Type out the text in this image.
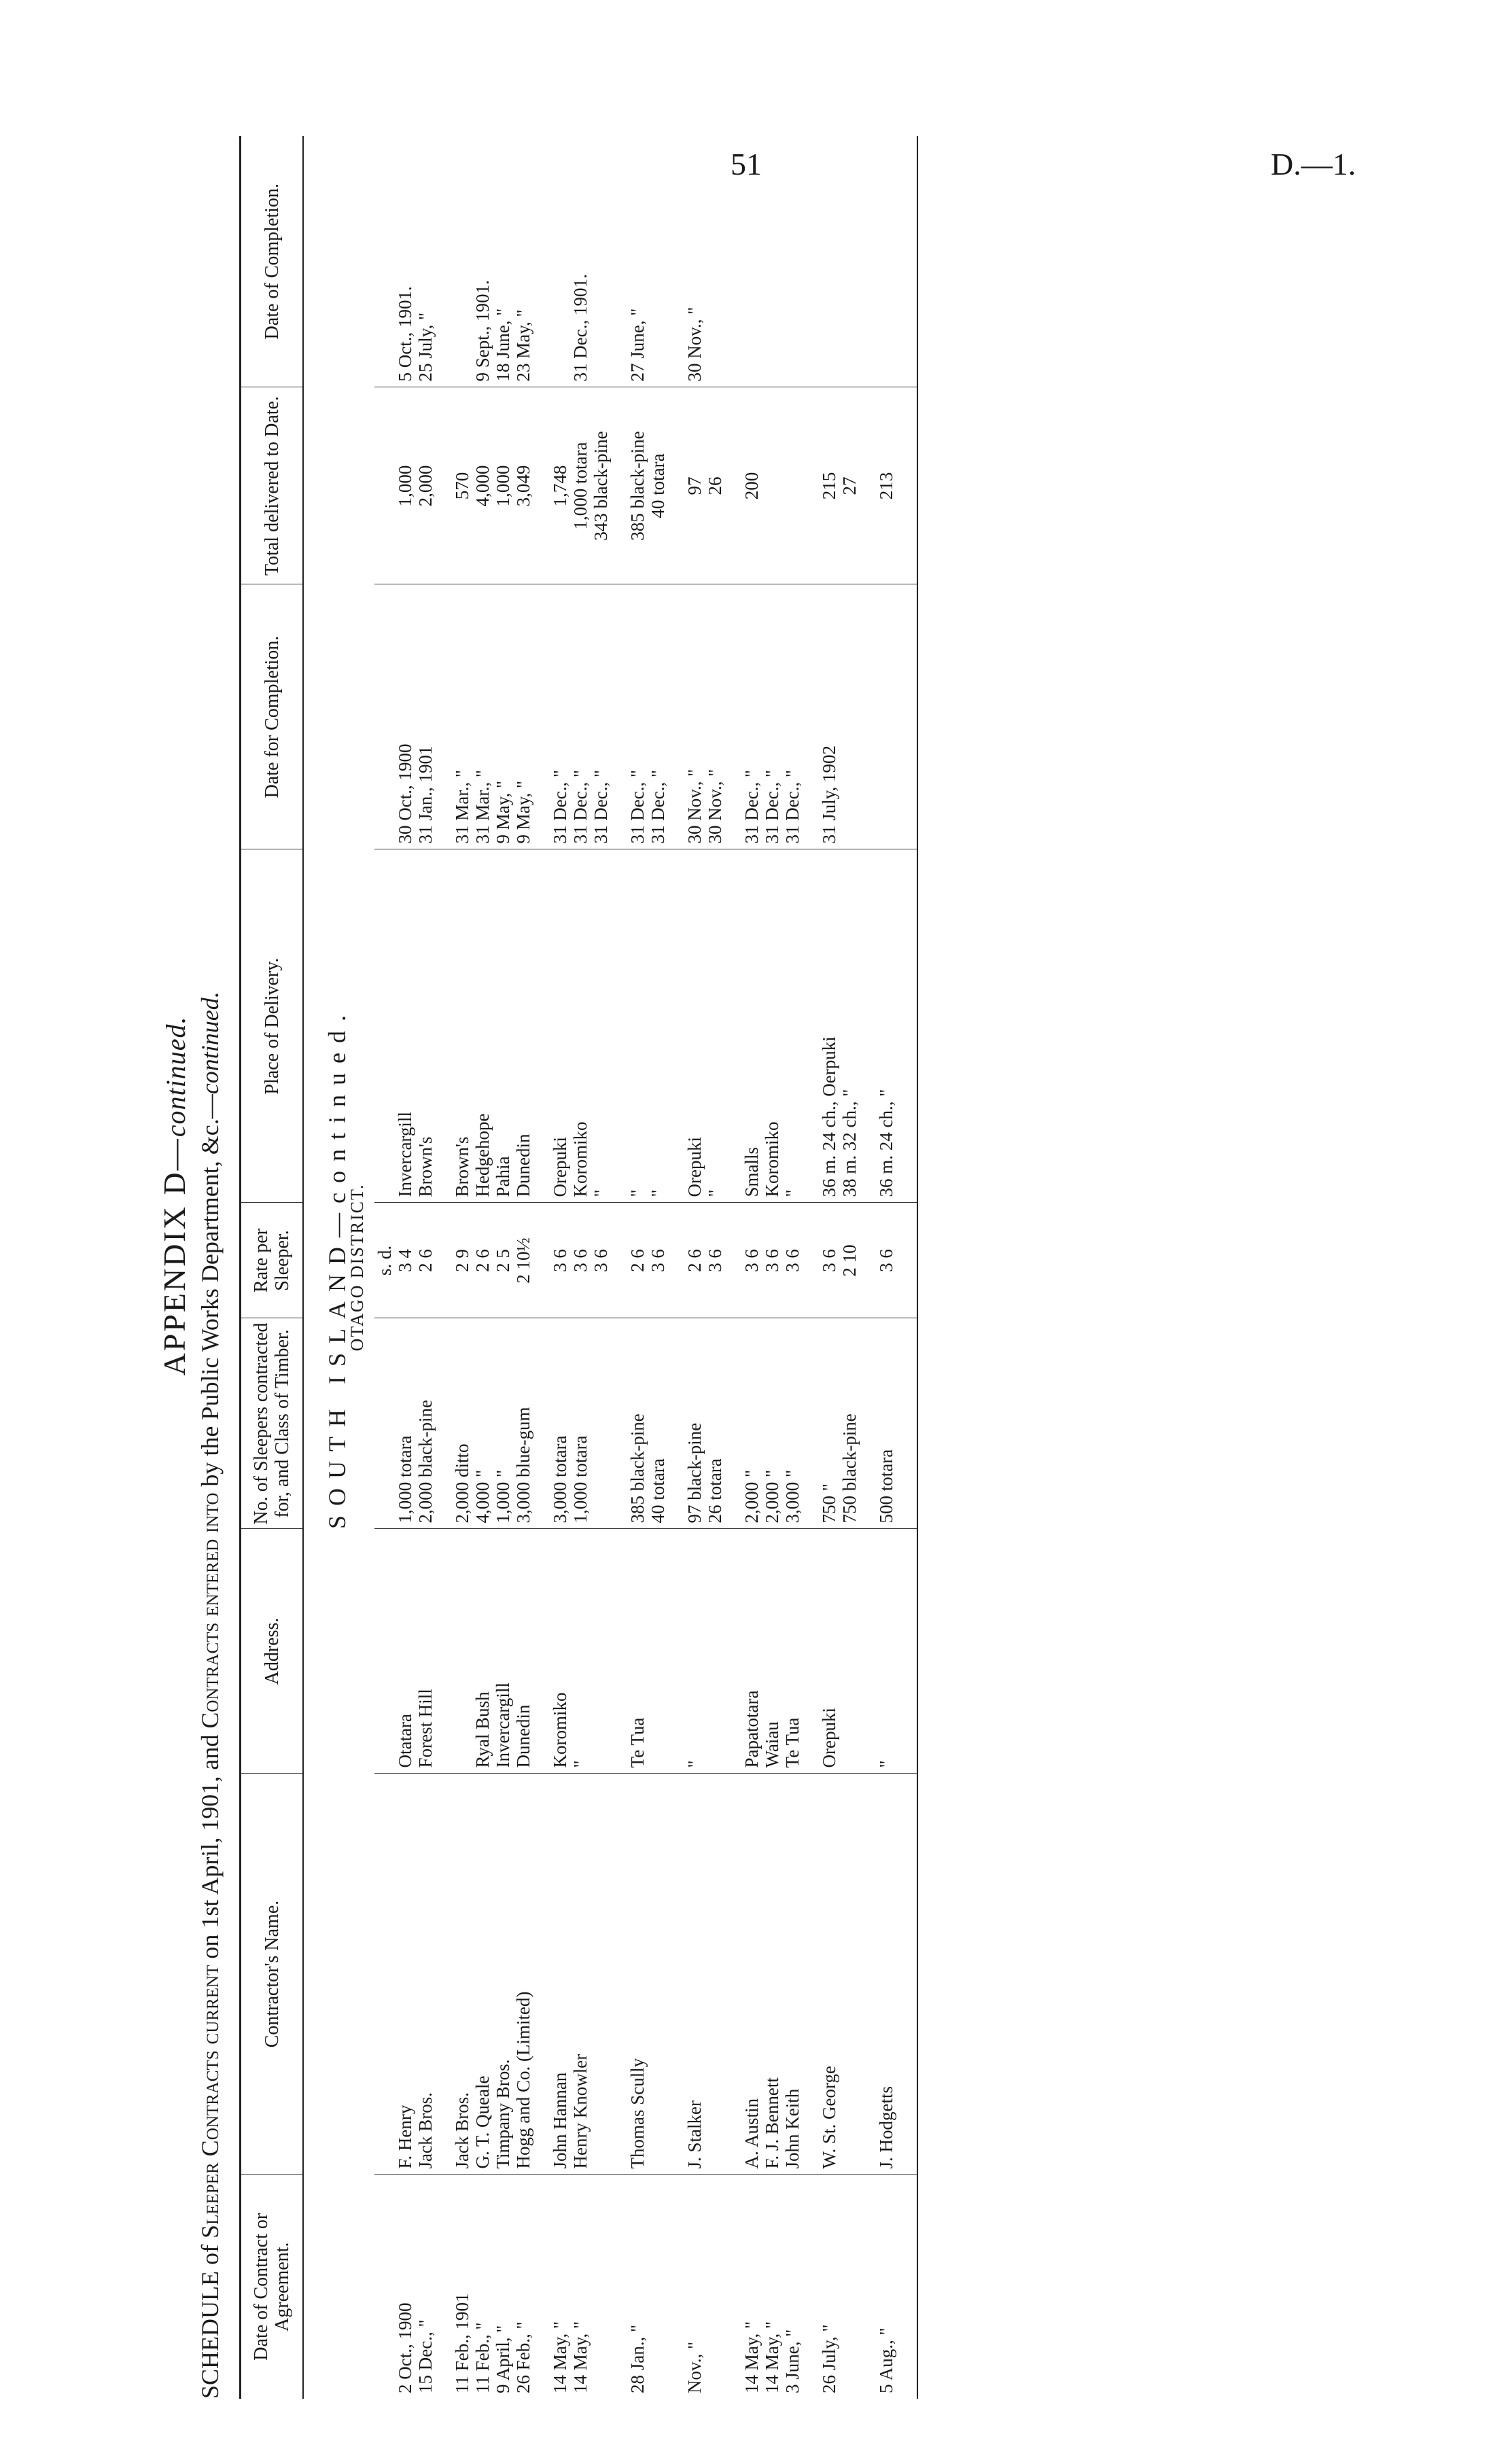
51	D.—1.
APPENDIX D—continued.
SCHEDULE of Sleeper Contracts current on 1st April, 1901, and Contracts entered into by the Public Works Department, &c.—continued.
Date of Contract or Agreement.	Contractor's Name.	Address.	No. of Sleepers contracted for, and Class of Timber.	Rate per Sleeper.	Place of Delivery.	Date for Completion.	Total delivered to Date.	Date of Completion.
SOUTH ISLAND—continued.								
OTAGO DISTRICT.								
				s. d.				
2 Oct., 1900	F. Henry	Otatara	1,000 totara	3 4	Invercargill	30 Oct., 1900	1,000	5 Oct., 1901.
15 Dec., "	Jack Bros.	Forest Hill	2,000 black-pine	2 6	Brown's	31 Jan., 1901	2,000	25 July, "
11 Feb., 1901	Jack Bros.		2,000 ditto	2 9	Brown's	31 Mar., "	570	
11 Feb., "	G. T. Queale	Ryal Bush	4,000 "	2 6	Hedgehope	31 Mar., "	4,000	9 Sept., 1901.
9 April, "	Timpany Bros.	Invercargill	1,000 "	2 5	Pahia	9 May, "	1,000	18 June, "
26 Feb., "	Hogg and Co. (Limited)	Dunedin	3,000 blue-gum	2 10½	Dunedin	9 May, "	3,049	23 May, "
14 May, "	John Hannan	Koromiko	3,000 totara	3 6	Orepuki	31 Dec., "	1,748	
14 May, "	Henry Knowler	"	1,000 totara	3 6	Koromiko	31 Dec., "	1,000 totara	31 Dec., 1901.
				3 6	"	31 Dec., "	343 black-pine	
28 Jan., "	Thomas Scully	Te Tua	385 black-pine	2 6	"	31 Dec., "	385 black-pine	27 June, "
			40 totara	3 6	"	31 Dec., "	40 totara	
Nov., "	J. Stalker	"	97 black-pine	2 6	Orepuki	30 Nov., "	97	30 Nov., "
			26 totara	3 6	"	30 Nov., "	26	
14 May, "	A. Austin	Papatotara	2,000 "	3 6	Smalls	31 Dec., "	200	
14 May, "	F. J. Bennett	Waiau	2,000 "	3 6	Koromiko	31 Dec., "		
3 June, "	John Keith	Te Tua	3,000 "	3 6	"	31 Dec., "		
26 July, "	W. St. George	Orepuki	750 "	3 6	36 m. 24 ch., Oerpuki	31 July, 1902	215	
			750 black-pine	2 10	38 m. 32 ch., "		27	
5 Aug., "	J. Hodgetts	"	500 totara	3 6	36 m. 24 ch., "		213	
